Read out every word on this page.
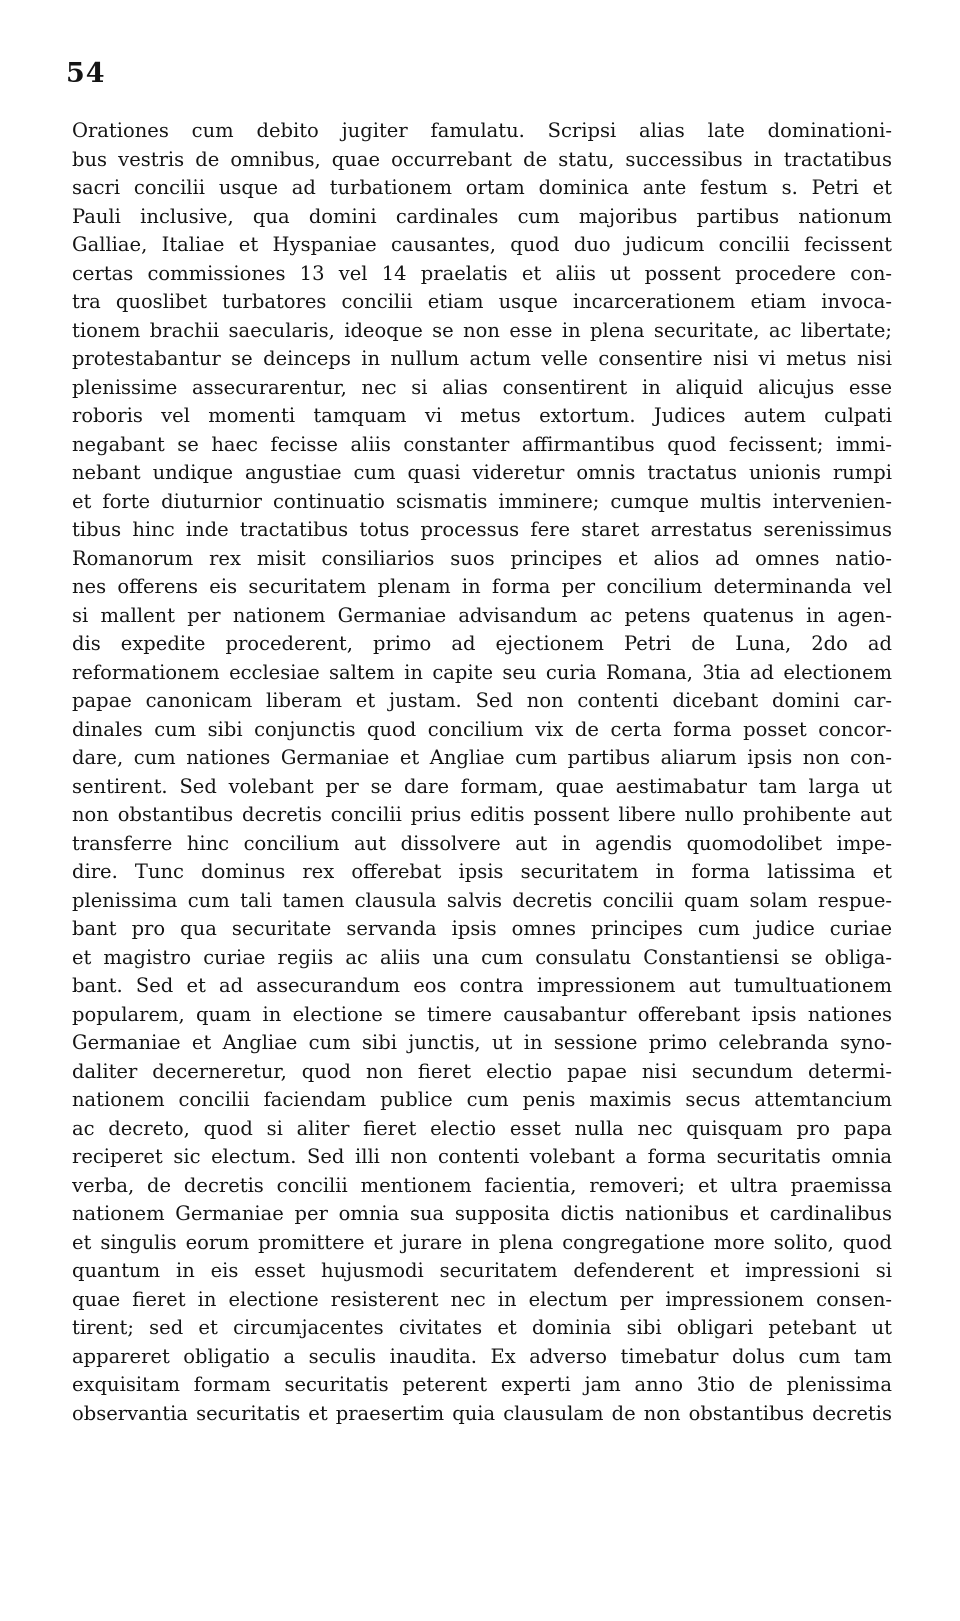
54
Orationes cum debito jugiter famulatu. Scripsi alias late dominationi-
bus vestris de omnibus, quae occurrebant de statu, successibus in tractatibus
sacri concilii usque ad turbationem ortam dominica ante festum s. Petri et
Pauli inclusive, qua domini cardinales cum majoribus partibus nationum
Galliae, Italiae et Hyspaniae causantes, quod duo judicum concilii fecissent
certas commissiones 13 vel 14 praelatis et aliis ut possent procedere con-
tra quoslibet turbatores concilii etiam usque incarcerationem etiam invoca-
tionem brachii saecularis, ideoque se non esse in plena securitate, ac libertate;
protestabantur se deinceps in nullum actum velle consentire nisi vi metus nisi
plenissime assecurarentur, nec si alias consentirent in aliquid alicujus esse
roboris vel momenti tamquam vi metus extortum. Judices autem culpati
negabant se haec fecisse aliis constanter affirmantibus quod fecissent; immi-
nebant undique angustiae cum quasi videretur omnis tractatus unionis rumpi
et forte diuturnior continuatio scismatis imminere; cumque multis intervenien-
tibus hinc inde tractatibus totus processus fere staret arrestatus serenissimus
Romanorum rex misit consiliarios suos principes et alios ad omnes natio-
nes offerens eis securitatem plenam in forma per concilium determinanda vel
si mallent per nationem Germaniae advisandum ac petens quatenus in agen-
dis expedite procederent, primo ad ejectionem Petri de Luna, 2do ad
reformationem ecclesiae saltem in capite seu curia Romana, 3tia ad electionem
papae canonicam liberam et justam. Sed non contenti dicebant domini car-
dinales cum sibi conjunctis quod concilium vix de certa forma posset concor-
dare, cum nationes Germaniae et Angliae cum partibus aliarum ipsis non con-
sentirent. Sed volebant per se dare formam, quae aestimabatur tam larga ut
non obstantibus decretis concilii prius editis possent libere nullo prohibente aut
transferre hinc concilium aut dissolvere aut in agendis quomodolibet impe-
dire. Tunc dominus rex offerebat ipsis securitatem in forma latissima et
plenissima cum tali tamen clausula salvis decretis concilii quam solam respue-
bant pro qua securitate servanda ipsis omnes principes cum judice curiae
et magistro curiae regiis ac aliis una cum consulatu Constantiensi se obliga-
bant. Sed et ad assecurandum eos contra impressionem aut tumultuationem
popularem, quam in electione se timere causabantur offerebant ipsis nationes
Germaniae et Angliae cum sibi junctis, ut in sessione primo celebranda syno-
daliter decerneretur, quod non fieret electio papae nisi secundum determi-
nationem concilii faciendam publice cum penis maximis secus attemtancium
ac decreto, quod si aliter fieret electio esset nulla nec quisquam pro papa
reciperet sic electum. Sed illi non contenti volebant a forma securitatis omnia
verba, de decretis concilii mentionem facientia, removeri; et ultra praemissa
nationem Germaniae per omnia sua supposita dictis nationibus et cardinalibus
et singulis eorum promittere et jurare in plena congregatione more solito, quod
quantum in eis esset hujusmodi securitatem defenderent et impressioni si
quae fieret in electione resisterent nec in electum per impressionem consen-
tirent; sed et circumjacentes civitates et dominia sibi obligari petebant ut
appareret obligatio a seculis inaudita. Ex adverso timebatur dolus cum tam
exquisitam formam securitatis peterent experti jam anno 3tio de plenissima
observantia securitatis et praesertim quia clausulam de non obstantibus decretis
